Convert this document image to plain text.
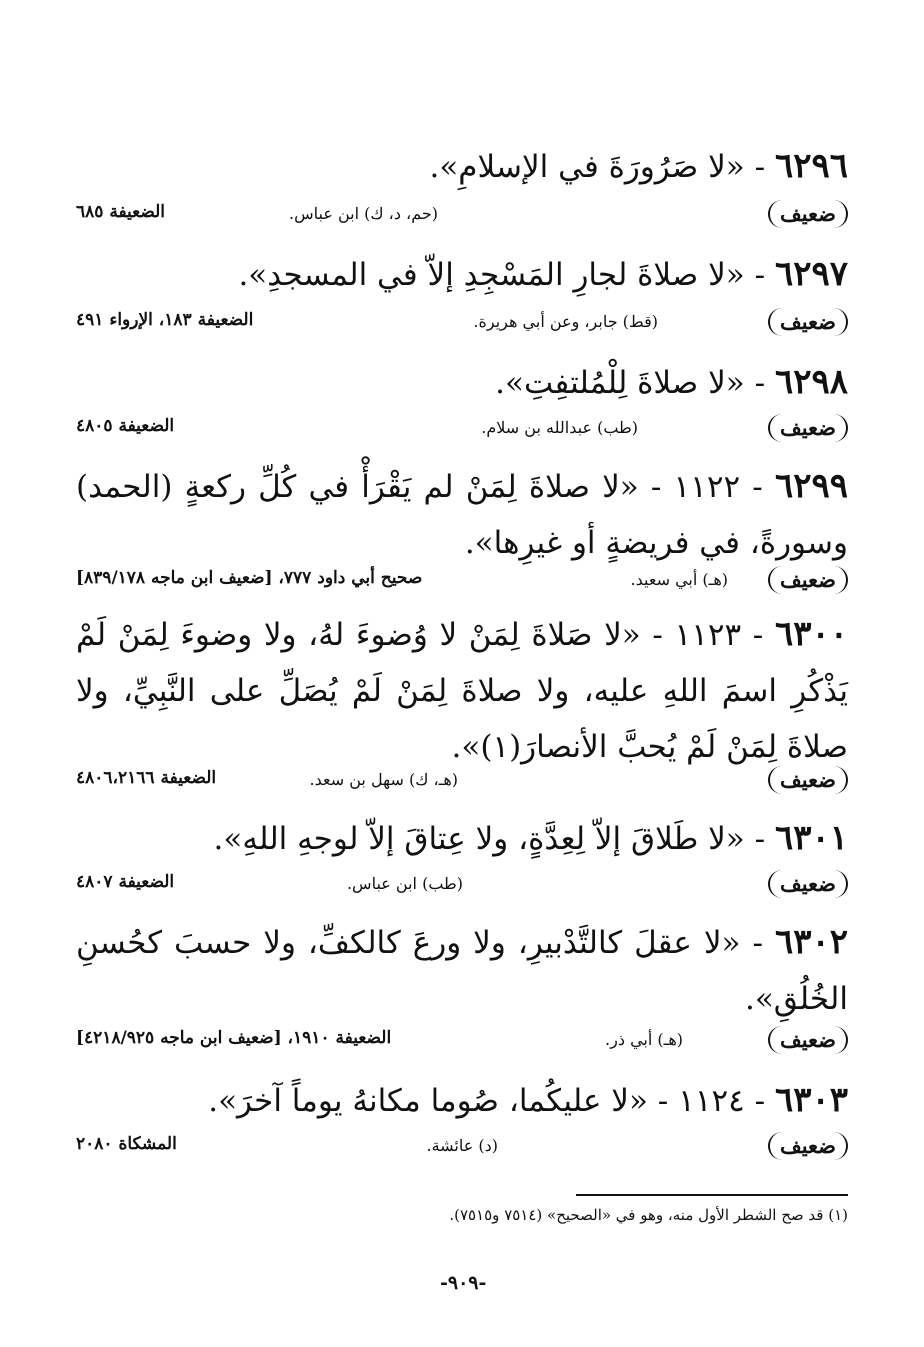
٦٢٩٦ - «لا صَرُورَةَ في الإسلامِ».
ضعيف
(حم، د، ك) ابن عباس.
الضعيفة ٦٨٥
٦٢٩٧ - «لا صلاةَ لجارِ المَسْجِدِ إلاّ في المسجدِ».
ضعيف
(قط) جابر، وعن أبي هريرة.
الضعيفة ١٨٣، الإرواء ٤٩١
٦٢٩٨ - «لا صلاةَ لِلْمُلتفِتِ».
ضعيف
(طب) عبدالله بن سلام.
الضعيفة ٤٨٠٥
٦٢٩٩ - ١١٢٢ - «لا صلاةَ لِمَنْ لم يَقْرَأْ في كُلِّ ركعةٍ (الحمد) وسورةً، في فريضةٍ أو غيرِها».
ضعيف
(هـ) أبي سعيد.
صحيح أبي داود ٧٧٧، [ضعيف ابن ماجه ٨٣٩/١٧٨]
٦٣٠٠ - ١١٢٣ - «لا صَلاةَ لِمَنْ لا وُضوءَ لهُ، ولا وضوءَ لِمَنْ لَمْ يَذْكُرِ اسمَ اللهِ عليه، ولا صلاةَ لِمَنْ لَمْ يُصَلِّ على النَّبِيِّ، ولا صلاةَ لِمَنْ لَمْ يُحبَّ الأنصارَ(١)».
ضعيف
(هـ، ك) سهل بن سعد.
الضعيفة ٤٨٠٦،٢١٦٦
٦٣٠١ - «لا طَلاقَ إلاّ لِعِدَّةٍ، ولا عِتاقَ إلاّ لوجهِ اللهِ».
ضعيف
(طب) ابن عباس.
الضعيفة ٤٨٠٧
٦٣٠٢ - «لا عقلَ كالتَّدْبيرِ، ولا ورعَ كالكفِّ، ولا حسبَ كحُسنِ الخُلُقِ».
ضعيف
(هـ) أبي ذر.
الضعيفة ١٩١٠، [ضعيف ابن ماجه ٤٢١٨/٩٢٥]
٦٣٠٣ - ١١٢٤ - «لا عليكُما، صُوما مكانهُ يوماً آخرَ».
ضعيف
(د) عائشة.
المشكاة ٢٠٨٠
(١) قد صح الشطر الأول منه، وهو في «الصحيح» (٧٥١٤ و٧٥١٥).
-٩٠٩-
